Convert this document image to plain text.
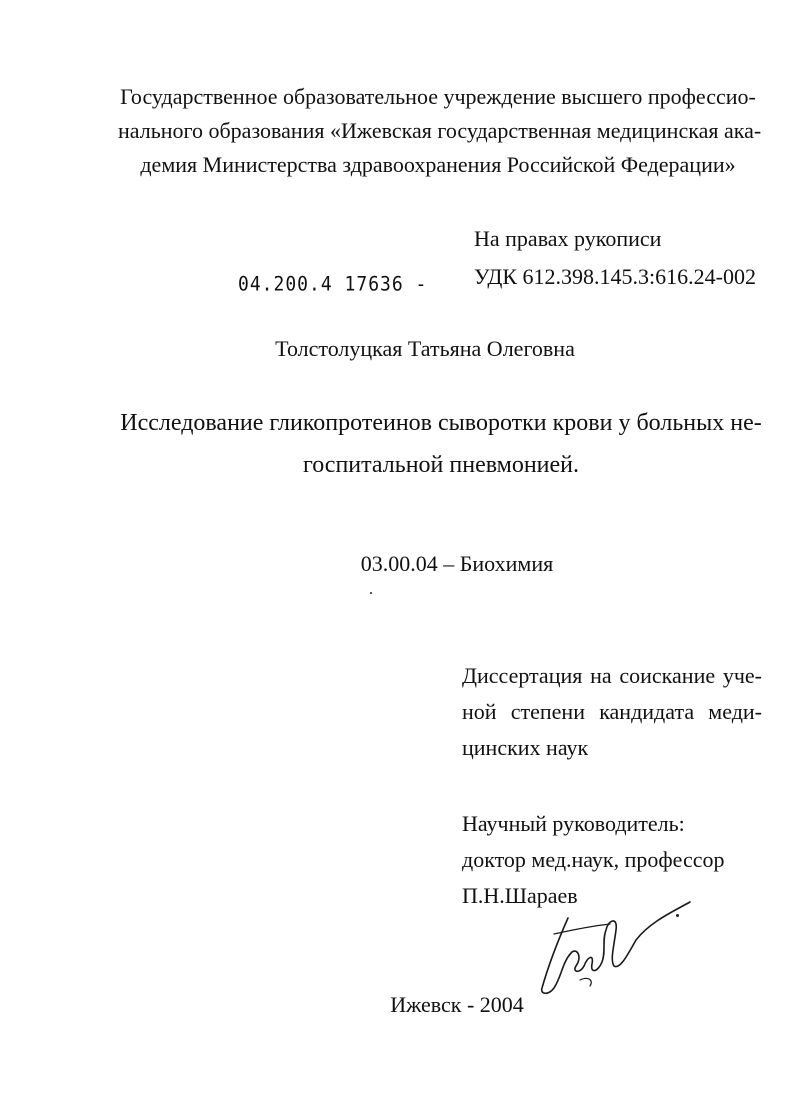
Государственное образовательное учреждение высшего профессио-
нального образования «Ижевская государственная медицинская ака-
демия Министерства здравоохранения Российской Федерации»
На правах рукописи
УДК 612.398.145.3:616.24-002
04.200.4 17636 -
Толстолуцкая Татьяна Олеговна
Исследование гликопротеинов сыворотки крови у больных не-
госпитальной пневмонией.
03.00.04 – Биохимия
Диссертация на соискание уче-
ной степени кандидата меди-
цинских наук
Научный руководитель:
доктор мед.наук, профессор
П.Н.Шараев
Ижевск - 2004
